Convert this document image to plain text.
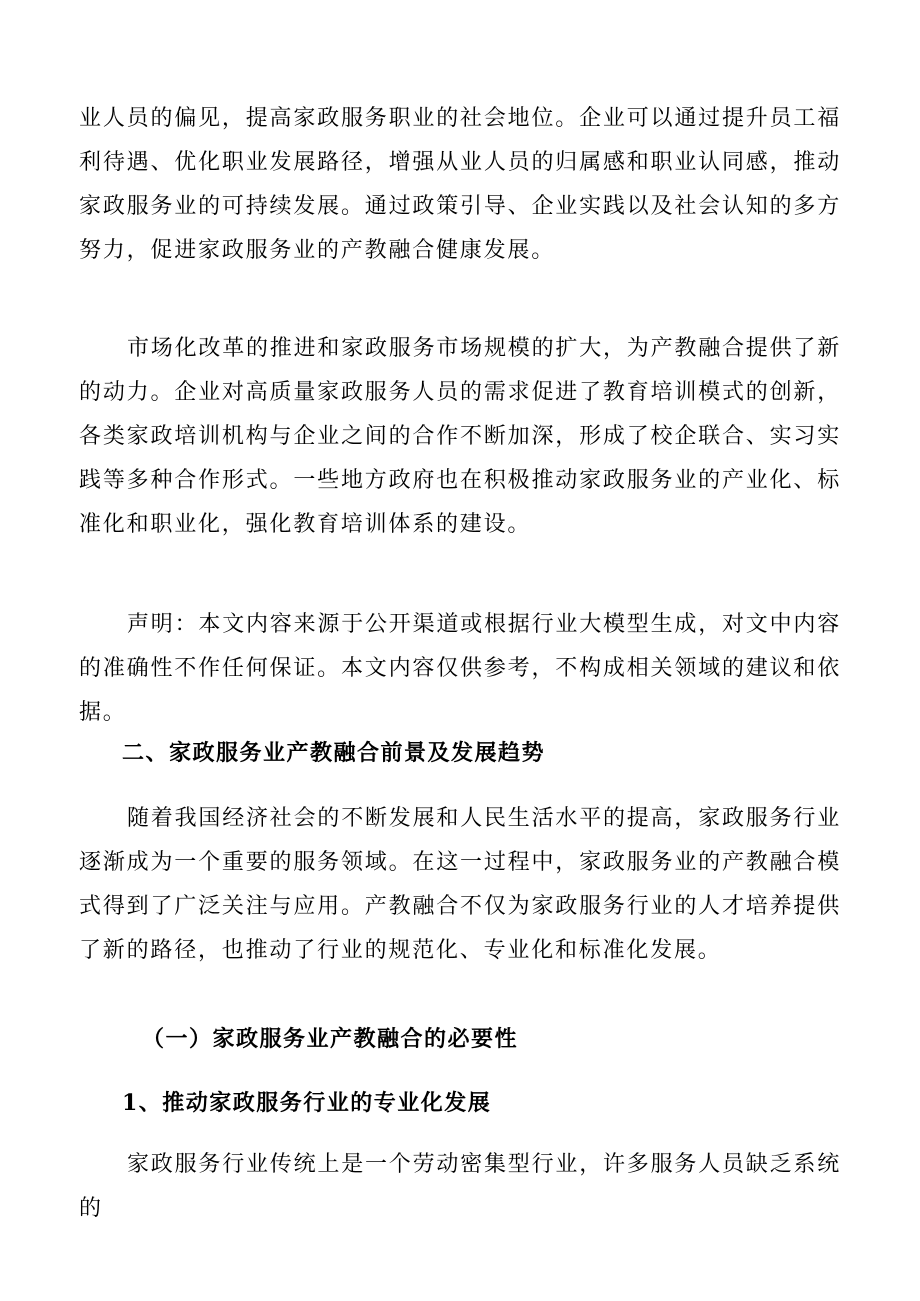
业人员的偏见，提高家政服务职业的社会地位。企业可以通过提升员工福利待遇、优化职业发展路径，增强从业人员的归属感和职业认同感，推动家政服务业的可持续发展。通过政策引导、企业实践以及社会认知的多方努力，促进家政服务业的产教融合健康发展。

市场化改革的推进和家政服务市场规模的扩大，为产教融合提供了新的动力。企业对高质量家政服务人员的需求促进了教育培训模式的创新，各类家政培训机构与企业之间的合作不断加深，形成了校企联合、实习实践等多种合作形式。一些地方政府也在积极推动家政服务业的产业化、标准化和职业化，强化教育培训体系的建设。

声明：本文内容来源于公开渠道或根据行业大模型生成，对文中内容的准确性不作任何保证。本文内容仅供参考，不构成相关领域的建议和依据。

二、家政服务业产教融合前景及发展趋势

随着我国经济社会的不断发展和人民生活水平的提高，家政服务行业逐渐成为一个重要的服务领域。在这一过程中，家政服务业的产教融合模式得到了广泛关注与应用。产教融合不仅为家政服务行业的人才培养提供了新的路径，也推动了行业的规范化、专业化和标准化发展。

（一）家政服务业产教融合的必要性
1、推动家政服务行业的专业化发展

家政服务行业传统上是一个劳动密集型行业，许多服务人员缺乏系统的
